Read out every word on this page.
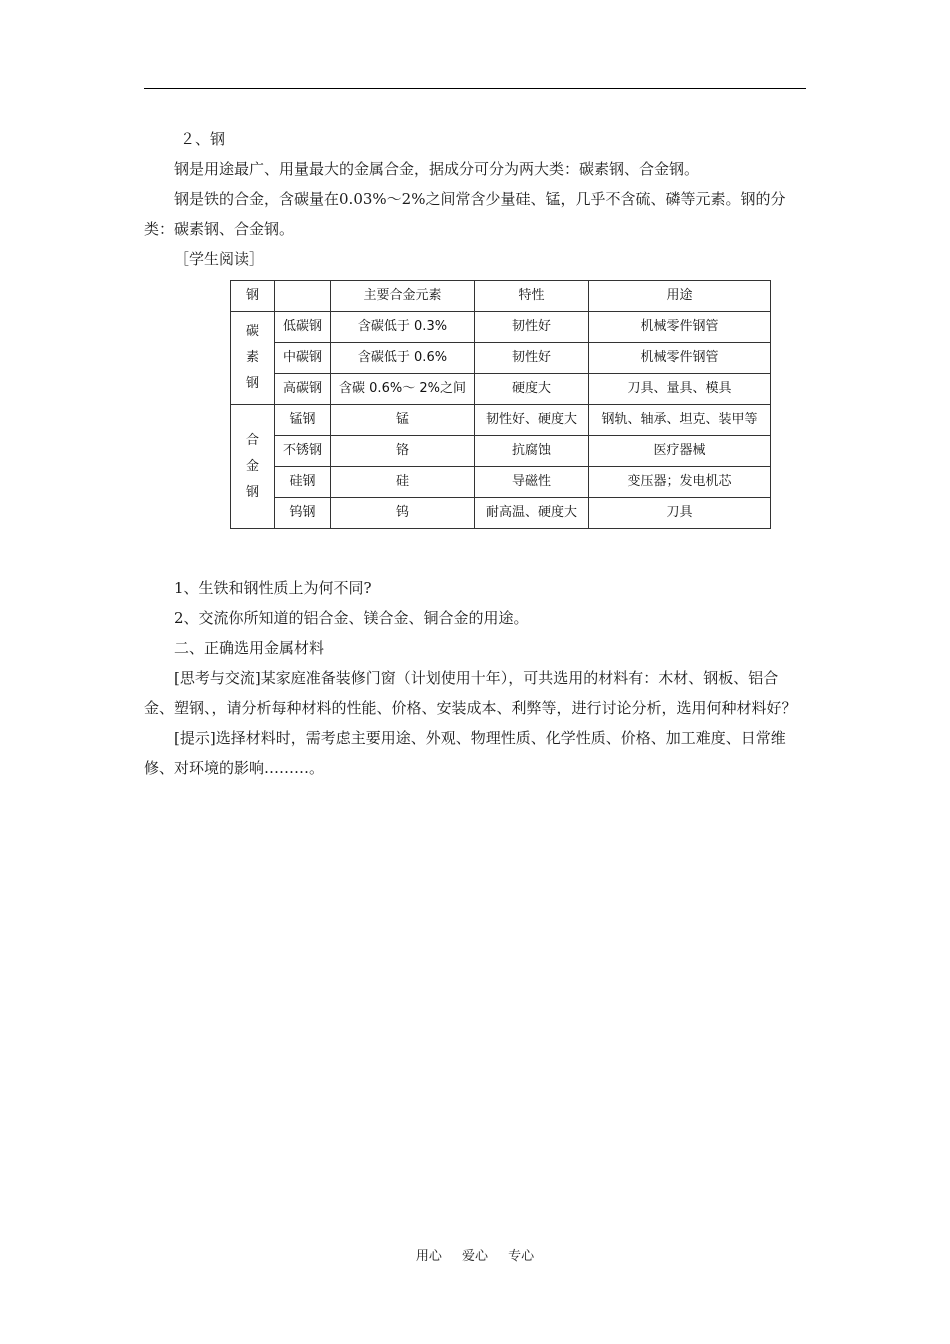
２、钢

钢是用途最广、用量最大的金属合金，据成分可分为两大类：碳素钢、合金钢。

钢是铁的合金，含碳量在0.03%～2%之间常含少量硅、锰，几乎不含硫、磷等元素。钢的分类：碳素钢、合金钢。

［学生阅读］

钢		主要合金元素	特性	用途

碳
素
钢	低碳钢	含碳低于 0.3%	韧性好	机械零件钢管
	中碳钢	含碳低于 0.6%	韧性好	机械零件钢管
	高碳钢	含碳 0.6%～ 2%之间	硬度大	刀具、量具、模具

合
金
钢	锰钢	锰	韧性好、硬度大	钢轨、轴承、坦克、装甲等
	不锈钢	铬	抗腐蚀	医疗器械
	硅钢	硅	导磁性	变压器；发电机芯
	钨钢	钨	耐高温、硬度大	刀具

1、生铁和钢性质上为何不同?

2、交流你所知道的铝合金、镁合金、铜合金的用途。

二、正确选用金属材料

[思考与交流]某家庭准备装修门窗（计划使用十年），可共选用的材料有：木材、钢板、铝合金、塑钢、，请分析每种材料的性能、价格、安装成本、利弊等，进行讨论分析，选用何种材料好？

[提示]选择材料时，需考虑主要用途、外观、物理性质、化学性质、价格、加工难度、日常维修、对环境的影响………。

用心 爱心 专心
